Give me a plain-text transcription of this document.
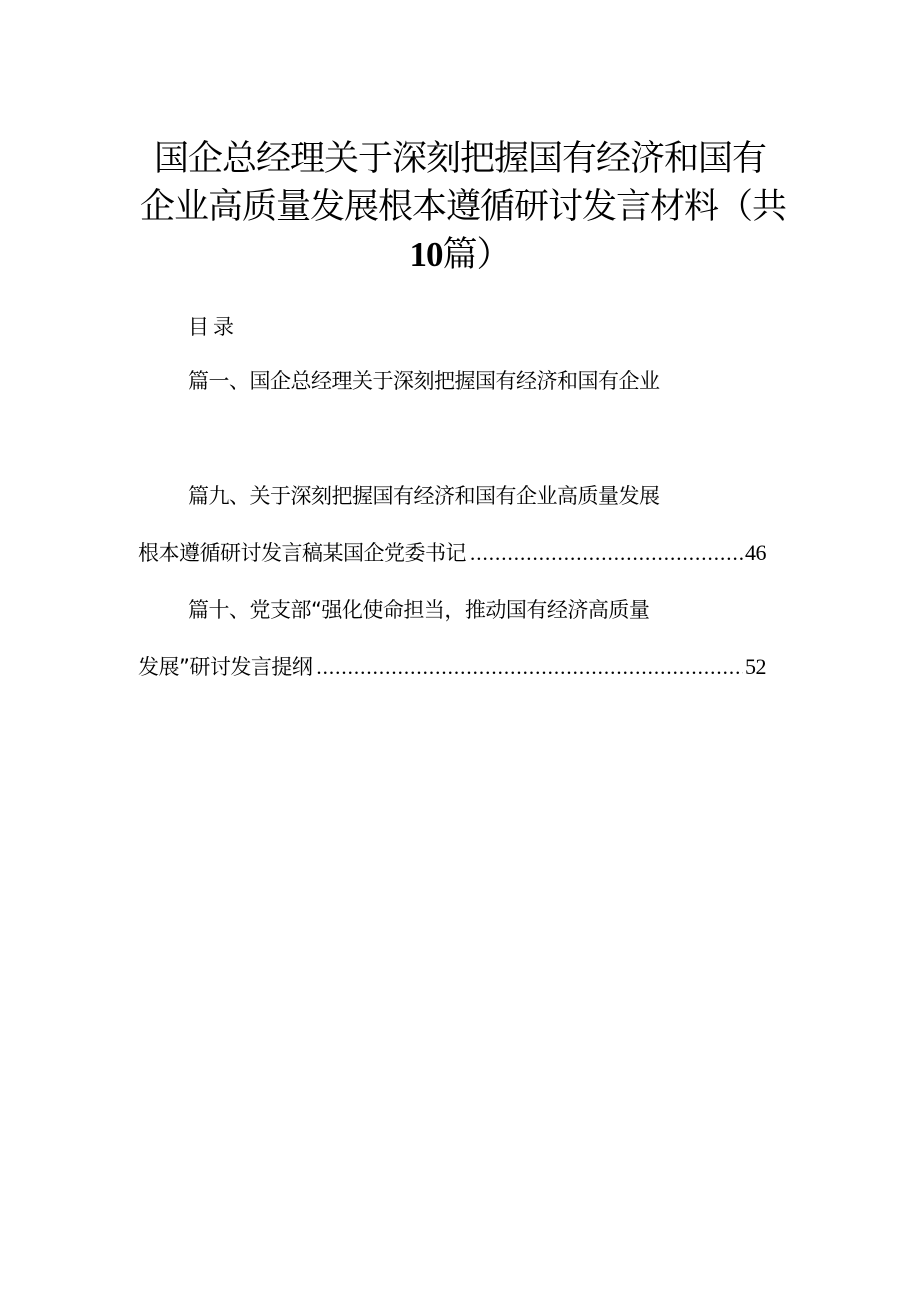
国企总经理关于深刻把握国有经济和国有
企业高质量发展根本遵循研讨发言材料（共
10篇）
目录
篇一、国企总经理关于深刻把握国有经济和国有企业
篇九、关于深刻把握国有经济和国有企业高质量发展
根本遵循研讨发言稿某国企党委书记 .....	46
篇十、党支部“强化使命担当，推动国有经济高质量
发展”研讨发言提纲 .....	52
